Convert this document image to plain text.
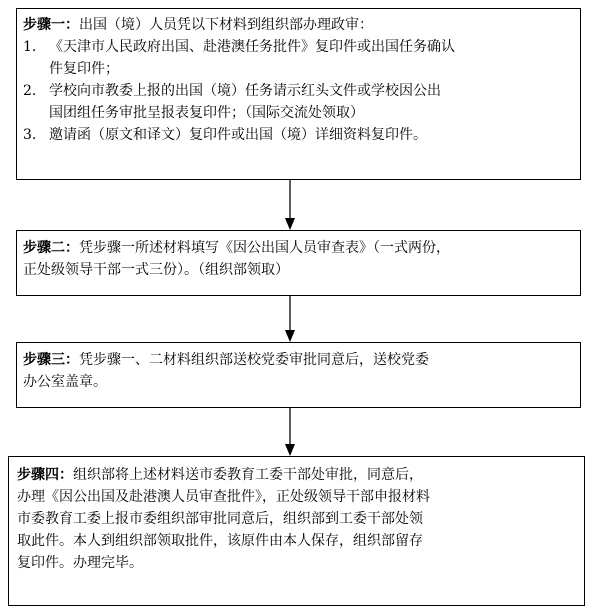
步骤一：出国（境）人员凭以下材料到组织部办理政审：
1. 《天津市人民政府出国、赴港澳任务批件》复印件或出国任务确认
件复印件；
2. 学校向市教委上报的出国（境）任务请示红头文件或学校因公出
国团组任务审批呈报表复印件；（国际交流处领取）
3. 邀请函（原文和译文）复印件或出国（境）详细资料复印件。
步骤二：凭步骤一所述材料填写《因公出国人员审查表》（一式两份，
正处级领导干部一式三份）。（组织部领取）
步骤三：凭步骤一、二材料组织部送校党委审批同意后，送校党委
办公室盖章。
步骤四：组织部将上述材料送市委教育工委干部处审批，同意后，
办理《因公出国及赴港澳人员审查批件》，正处级领导干部申报材料
市委教育工委上报市委组织部审批同意后，组织部到工委干部处领
取此件。本人到组织部领取批件，该原件由本人保存，组织部留存
复印件。办理完毕。
